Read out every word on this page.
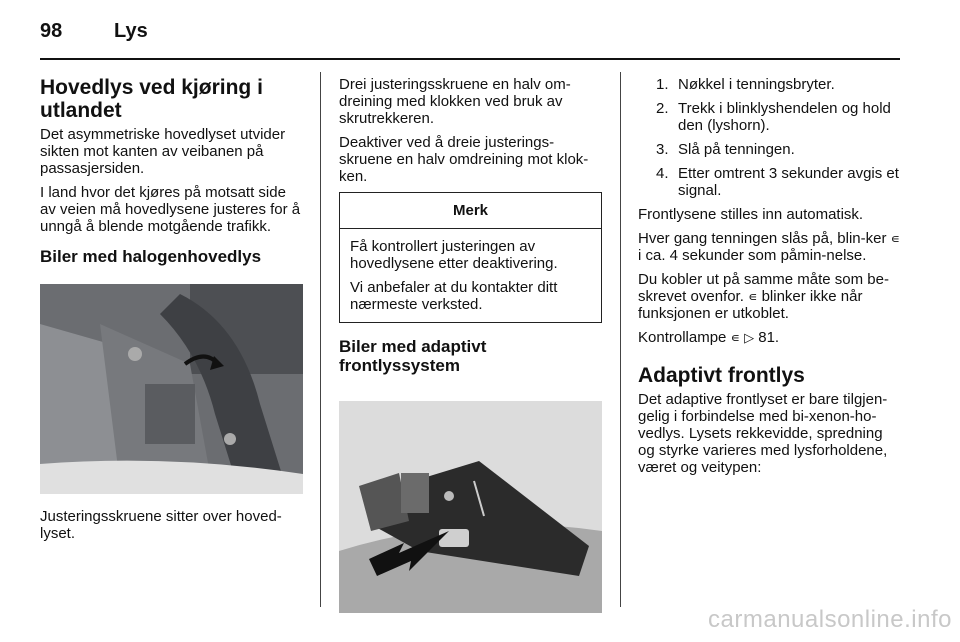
98	Lys
Hovedlys ved kjøring i utlandet

Det asymmetriske hovedlyset utvider sikten mot kanten av veibanen på passasjersiden.

I land hvor det kjøres på motsatt side av veien må hovedlysene justeres for å unngå å blende motgående trafikk.

Biler med halogenhovedlys

Justeringsskruene sitter over hoved-lyset.

Drei justeringsskruene en halv om-dreining med klokken ved bruk av skrutrekkeren.

Deaktiver ved å dreie justerings-skruene en halv omdreining mot klok-ken.

Merk

Få kontrollert justeringen av hovedlysene etter deaktivering.

Vi anbefaler at du kontakter ditt nærmeste verksted.

Biler med adaptivt frontlyssystem
1. Nøkkel i tenningsbryter.
2. Trekk i blinklyshendelen og hold den (lyshorn).
3. Slå på tenningen.
4. Etter omtrent 3 sekunder avgis et signal.

Frontlysene stilles inn automatisk.

Hver gang tenningen slås på, blin-ker ∊ i ca. 4 sekunder som påmin-nelse.

Du kobler ut på samme måte som be-skrevet ovenfor. ∊ blinker ikke når funksjonen er utkoblet.

Kontrollampe ∊ ▷ 81.

Adaptivt frontlys

Det adaptive frontlyset er bare tilgjen-gelig i forbindelse med bi-xenon-ho-vedlys. Lysets rekkevidde, spredning og styrke varieres med lysforholdene, været og veitypen:

carmanualsonline.info
